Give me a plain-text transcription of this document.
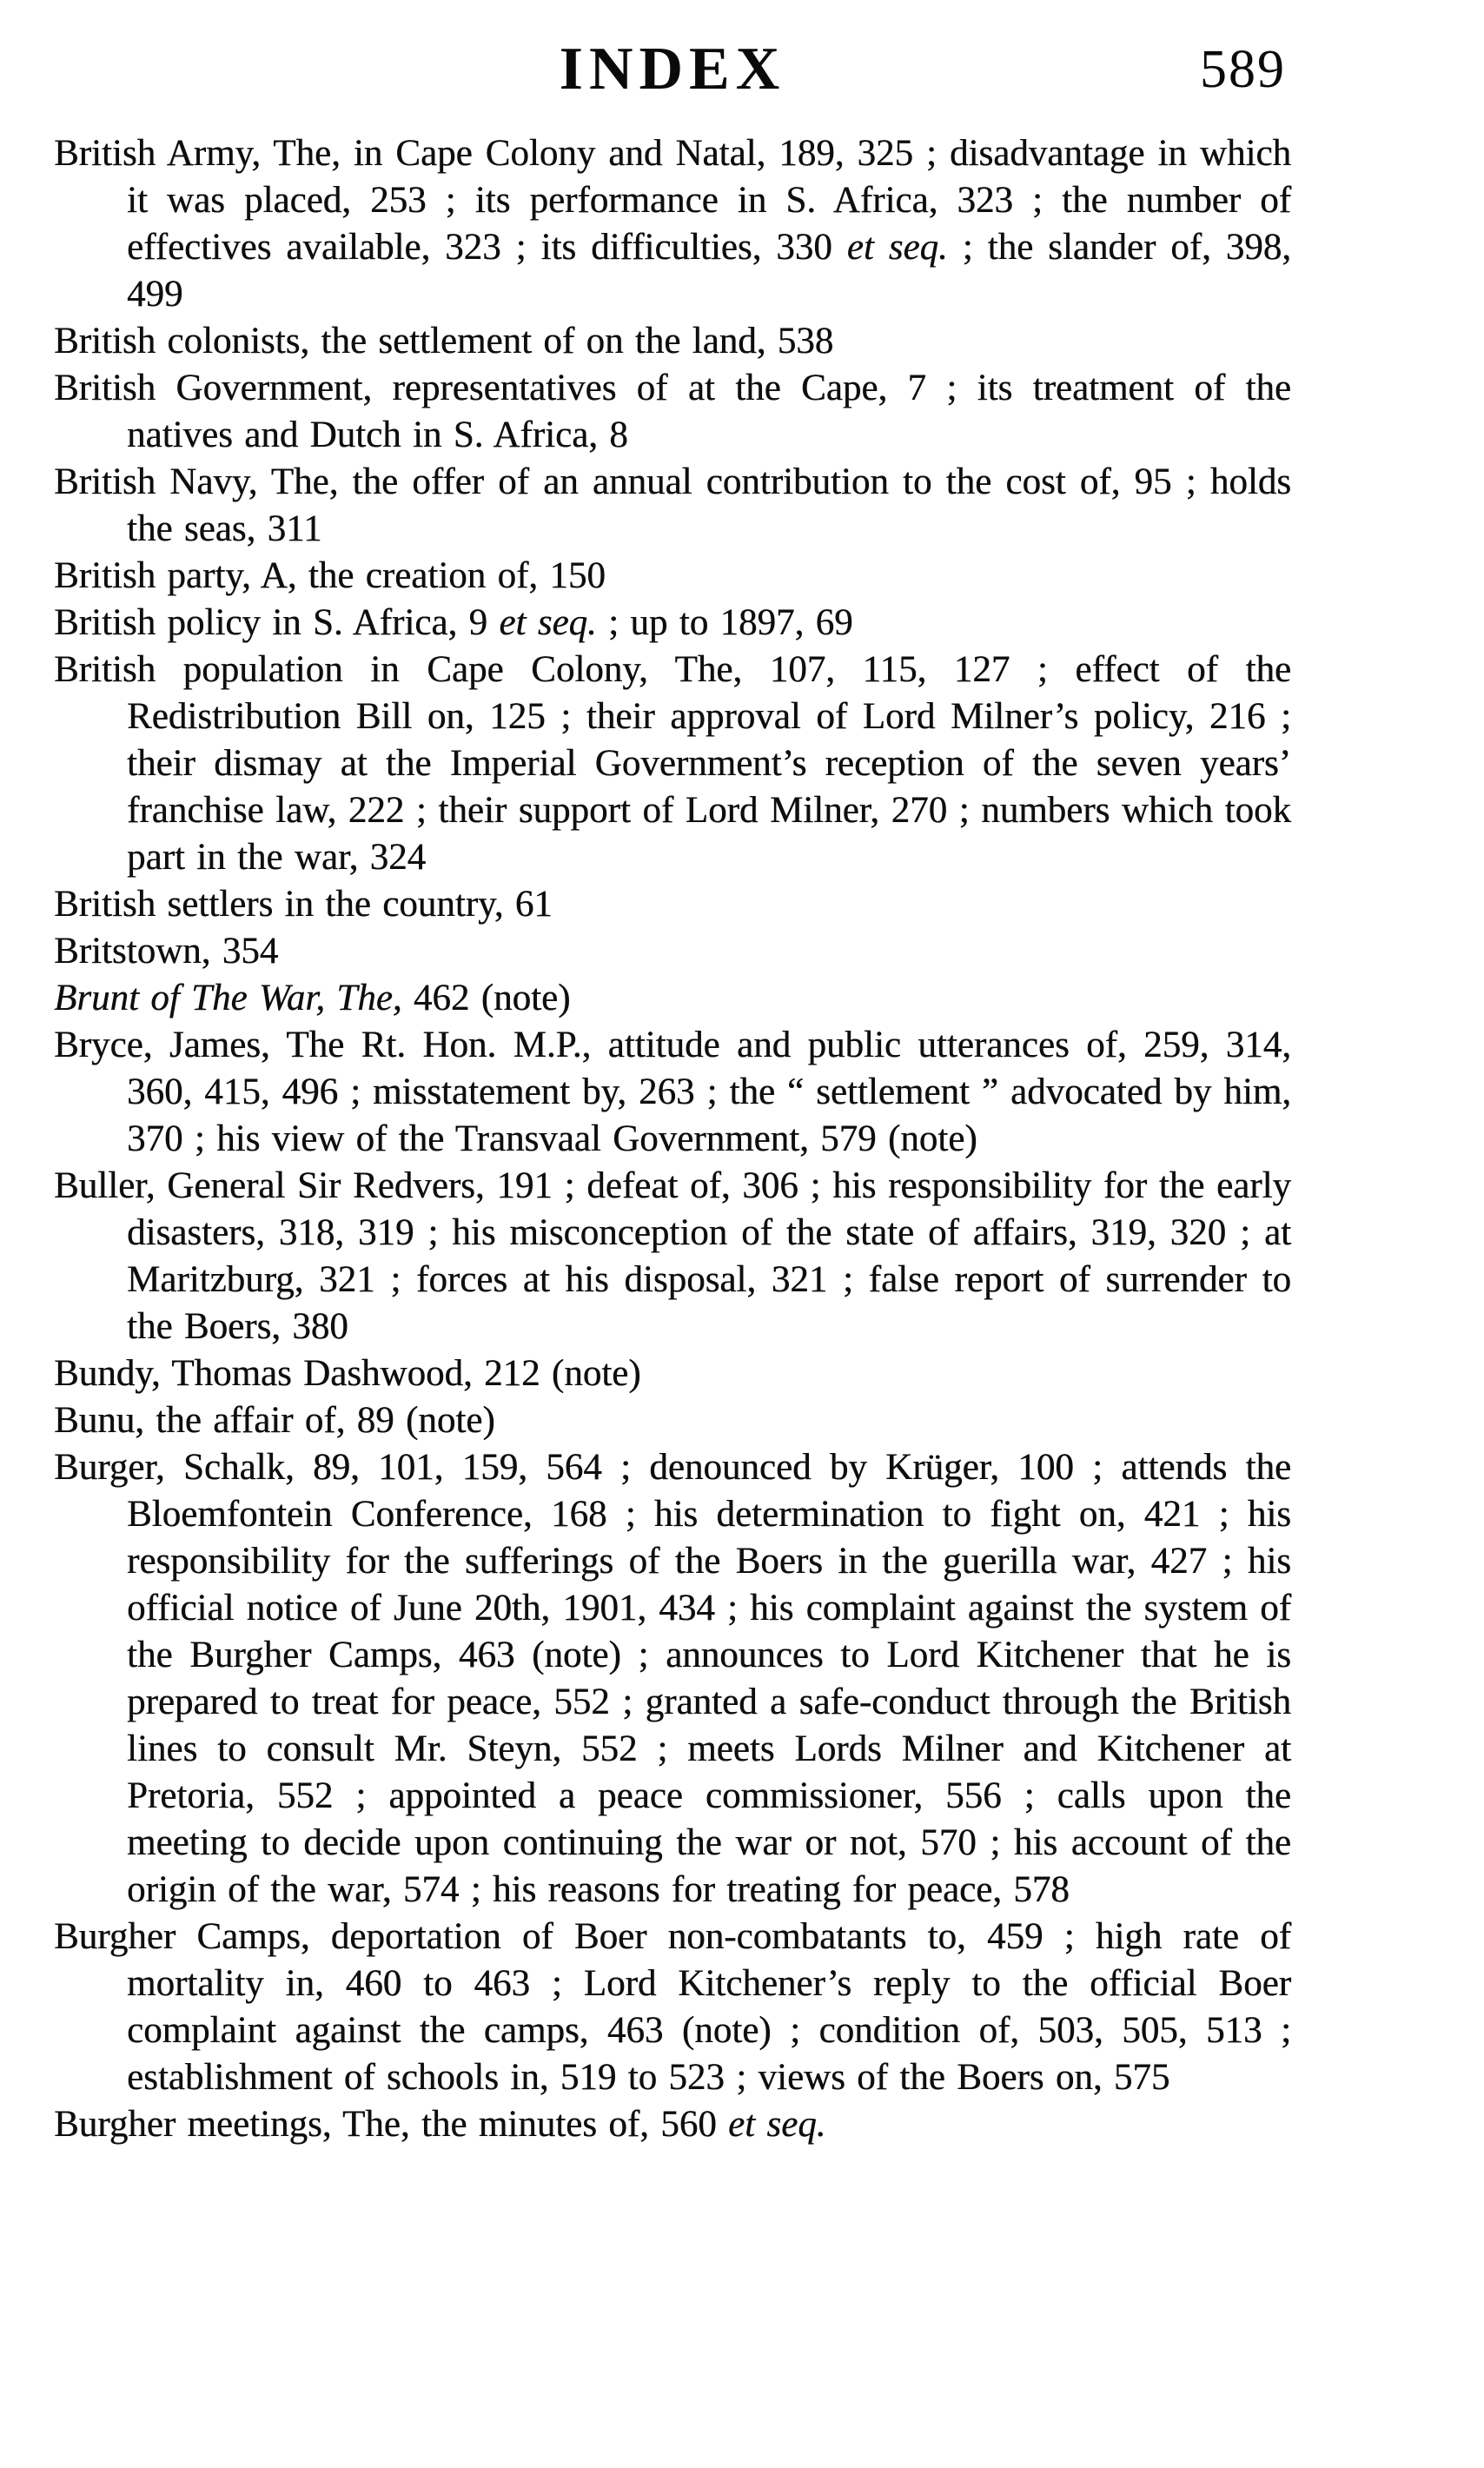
INDEX	589

British Army, The, in Cape Colony and Natal, 189, 325 ; disadvantage in which it was placed, 253 ; its performance in S. Africa, 323 ; the number of effectives available, 323 ; its difficulties, 330 et seq. ; the slander of, 398, 499

British colonists, the settlement of on the land, 538

British Government, representatives of at the Cape, 7 ; its treatment of the natives and Dutch in S. Africa, 8

British Navy, The, the offer of an annual contribution to the cost of, 95 ; holds the seas, 311

British party, A, the creation of, 150

British policy in S. Africa, 9 et seq. ; up to 1897, 69

British population in Cape Colony, The, 107, 115, 127 ; effect of the Redistribution Bill on, 125 ; their approval of Lord Milner’s policy, 216 ; their dismay at the Imperial Government’s reception of the seven years’ franchise law, 222 ; their support of Lord Milner, 270 ; numbers which took part in the war, 324

British settlers in the country, 61

Britstown, 354

Brunt of The War, The, 462 (note)

Bryce, James, The Rt. Hon. M.P., attitude and public utterances of, 259, 314, 360, 415, 496 ; misstatement by, 263 ; the “ settlement ” advocated by him, 370 ; his view of the Transvaal Government, 579 (note)

Buller, General Sir Redvers, 191 ; defeat of, 306 ; his responsibility for the early disasters, 318, 319 ; his misconception of the state of affairs, 319, 320 ; at Maritzburg, 321 ; forces at his disposal, 321 ; false report of surrender to the Boers, 380

Bundy, Thomas Dashwood, 212 (note)

Bunu, the affair of, 89 (note)

Burger, Schalk, 89, 101, 159, 564 ; denounced by Krüger, 100 ; attends the Bloemfontein Conference, 168 ; his determination to fight on, 421 ; his responsibility for the sufferings of the Boers in the guerilla war, 427 ; his official notice of June 20th, 1901, 434 ; his complaint against the system of the Burgher Camps, 463 (note) ; announces to Lord Kitchener that he is prepared to treat for peace, 552 ; granted a safe-conduct through the British lines to consult Mr. Steyn, 552 ; meets Lords Milner and Kitchener at Pretoria, 552 ; appointed a peace commissioner, 556 ; calls upon the meeting to decide upon continuing the war or not, 570 ; his account of the origin of the war, 574 ; his reasons for treating for peace, 578

Burgher Camps, deportation of Boer non-combatants to, 459 ; high rate of mortality in, 460 to 463 ; Lord Kitchener’s reply to the official Boer complaint against the camps, 463 (note) ; condition of, 503, 505, 513 ; establishment of schools in, 519 to 523 ; views of the Boers on, 575

Burgher meetings, The, the minutes of, 560 et seq.
